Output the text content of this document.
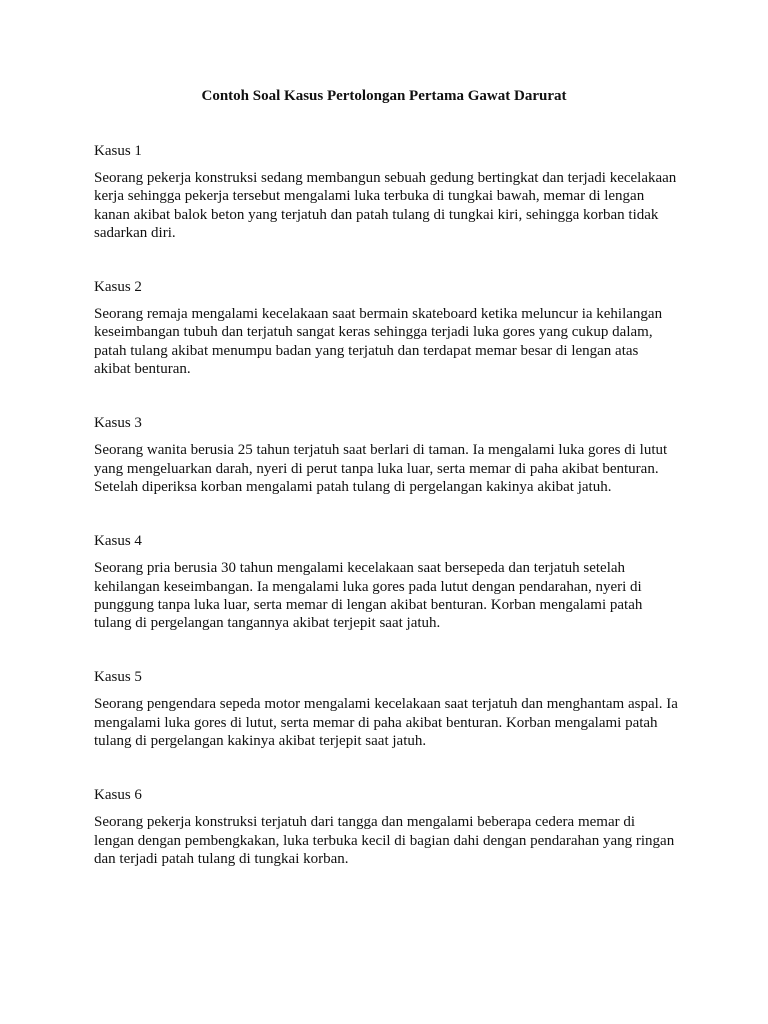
Contoh Soal Kasus Pertolongan Pertama Gawat Darurat
Kasus 1

Seorang pekerja konstruksi sedang membangun sebuah gedung bertingkat dan terjadi kecelakaan kerja sehingga pekerja tersebut mengalami luka terbuka di tungkai bawah, memar di lengan kanan akibat balok beton yang terjatuh dan patah tulang di tungkai kiri, sehingga korban tidak sadarkan diri.

Kasus 2

Seorang remaja mengalami kecelakaan saat bermain skateboard ketika meluncur ia kehilangan keseimbangan tubuh dan terjatuh sangat keras sehingga terjadi luka gores yang cukup dalam, patah tulang akibat menumpu badan yang terjatuh dan terdapat memar besar di lengan atas akibat benturan.

Kasus 3

Seorang wanita berusia 25 tahun terjatuh saat berlari di taman. Ia mengalami luka gores di lutut yang mengeluarkan darah, nyeri di perut tanpa luka luar, serta memar di paha akibat benturan. Setelah diperiksa korban mengalami patah tulang di pergelangan kakinya akibat jatuh.

Kasus 4

Seorang pria berusia 30 tahun mengalami kecelakaan saat bersepeda dan terjatuh setelah kehilangan keseimbangan. Ia mengalami luka gores pada lutut dengan pendarahan, nyeri di punggung tanpa luka luar, serta memar di lengan akibat benturan. Korban mengalami patah tulang di pergelangan tangannya akibat terjepit saat jatuh.

Kasus 5

Seorang pengendara sepeda motor mengalami kecelakaan saat terjatuh dan menghantam aspal. Ia mengalami luka gores di lutut, serta memar di paha akibat benturan. Korban mengalami patah tulang di pergelangan kakinya akibat terjepit saat jatuh.

Kasus 6

Seorang pekerja konstruksi terjatuh dari tangga dan mengalami beberapa cedera memar di lengan dengan pembengkakan, luka terbuka kecil di bagian dahi dengan pendarahan yang ringan dan terjadi patah tulang di tungkai korban.
